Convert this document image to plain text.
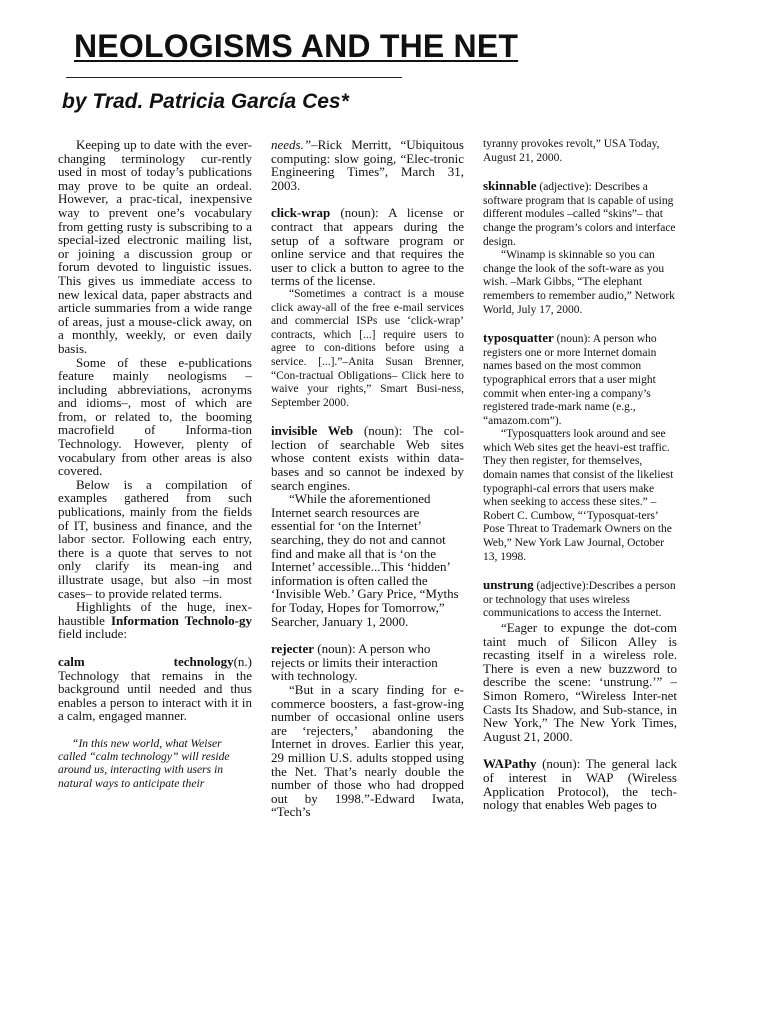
NEOLOGISMS AND THE NET
by Trad. Patricia García Ces*

Keeping up to date with the ever-changing terminology cur-rently used in most of today’s publications may prove to be quite an ordeal. However, a prac-tical, inexpensive way to prevent one’s vocabulary from getting rusty is subscribing to a special-ized electronic mailing list, or joining a discussion group or forum devoted to linguistic issues. This gives us immediate access to new lexical data, paper abstracts and article summaries from a wide range of areas, just a mouse-click away, on a monthly, weekly, or even daily basis.

Some of these e-publications feature mainly neologisms – including abbreviations, acronyms and idioms–, most of which are from, or related to, the booming macrofield of Informa-tion Technology. However, plenty of vocabulary from other areas is also covered.

Below is a compilation of examples gathered from such publications, mainly from the fields of IT, business and finance, and the labor sector. Following each entry, there is a quote that serves to not only clarify its mean-ing and illustrate usage, but also –in most cases– to provide related terms.

Highlights of the huge, inex-haustible Information Technolo-gy field include:

calm technology (n.)
Technology that remains in the background until needed and thus enables a person to interact with it in a calm, engaged manner.

“In this new world, what Weiser called “calm technology” will reside around us, interacting with users in natural ways to anticipate their

needs.”–Rick Merritt, “Ubiquitous computing: slow going, “Elec-tronic Engineering Times”, March 31, 2003.

click-wrap (noun): A license or contract that appears during the setup of a software program or online service and that requires the user to click a button to agree to the terms of the license.

“Sometimes a contract is a mouse click away-all of the free e-mail services and commercial ISPs use ‘click-wrap’ contracts, which [...] require users to agree to con-ditions before using a service. [...].”–Anita Susan Brenner, “Con-tractual Obligations– Click here to waive your rights,” Smart Busi-ness, September 2000.

invisible Web (noun): The col-lection of searchable Web sites whose content exists within data-bases and so cannot be indexed by search engines.

“While the aforementioned Internet search resources are essential for ‘on the Internet’ searching, they do not and cannot find and make all that is ‘on the Internet’ accessible...This ‘hidden’ information is often called the ‘Invisible Web.’ Gary Price, “Myths for Today, Hopes for Tomorrow,” Searcher, January 1, 2000.

rejecter (noun): A person who rejects or limits their interaction with technology.

“But in a scary finding for e-commerce boosters, a fast-grow-ing number of occasional online users are ‘rejecters,’ abandoning the Internet in droves. Earlier this year, 29 million U.S. adults stopped using the Net. That’s nearly double the number of those who had dropped out by 1998.”-Edward Iwata, “Tech’s

tyranny provokes revolt,” USA Today, August 21, 2000.

skinnable (adjective): Describes a software program that is capable of using different modules –called “skins”– that change the program’s colors and interface design.

“Winamp is skinnable so you can change the look of the soft-ware as you wish. –Mark Gibbs, “The elephant remembers to remember audio,” Network World, July 17, 2000.

typosquatter (noun): A person who registers one or more Internet domain names based on the most common typographical errors that a user might commit when enter-ing a company’s registered trade-mark name (e.g., “amazom.com”).

“Typosquatters look around and see which Web sites get the heavi-est traffic. They then register, for themselves, domain names that consist of the likeliest typographi-cal errors that users make when seeking to access these sites.” – Robert C. Cumbow, “‘Typosquat-ters’ Pose Threat to Trademark Owners on the Web,” New York Law Journal, October 13, 1998.

unstrung (adjective):Describes a person or technology that uses wireless communications to access the Internet.

“Eager to expunge the dot-com taint much of Silicon Alley is recasting itself in a wireless role. There is even a new buzzword to describe the scene: ‘unstrung.’” – Simon Romero, “Wireless Inter-net Casts Its Shadow, and Sub-stance, in New York,” The New York Times, August 21, 2000.

WAPathy (noun): The general lack of interest in WAP (Wireless Application Protocol), the tech-nology that enables Web pages to
